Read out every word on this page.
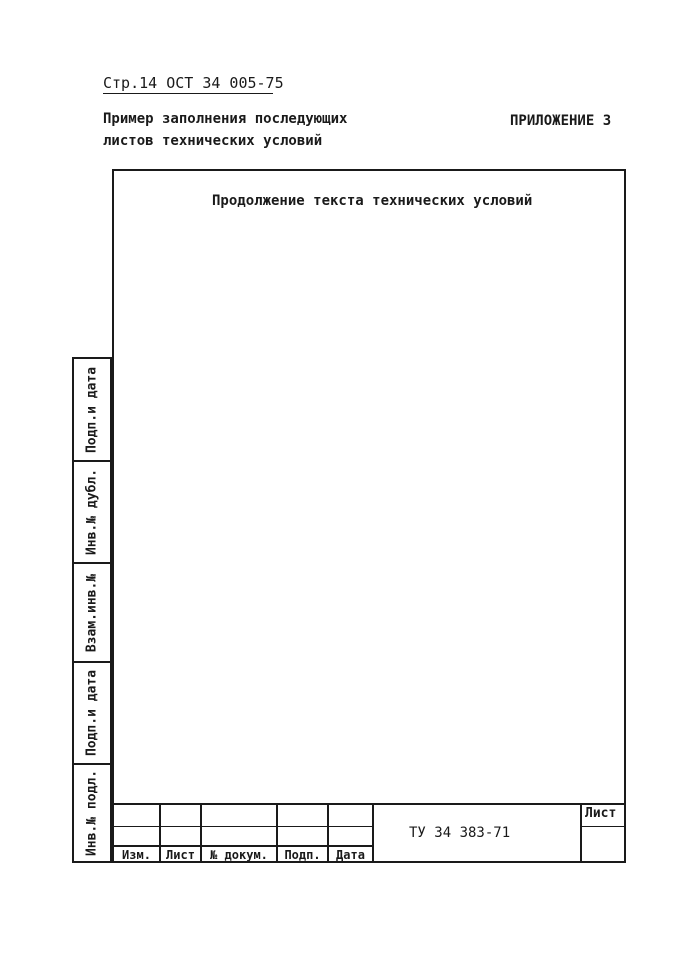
Стр.14 ОСТ 34 005-75
Пример заполнения последующих
листов технических условий
ПРИЛОЖЕНИЕ 3
Продолжение текста технических условий
Подп.и дата
Инв.№ дубл.
Взам.инв.№
Подп.и дата
Инв.№ подл.	Изм.	Лист	№ докум.	Подп.	Дата
ТУ 34 383-71
Лист
